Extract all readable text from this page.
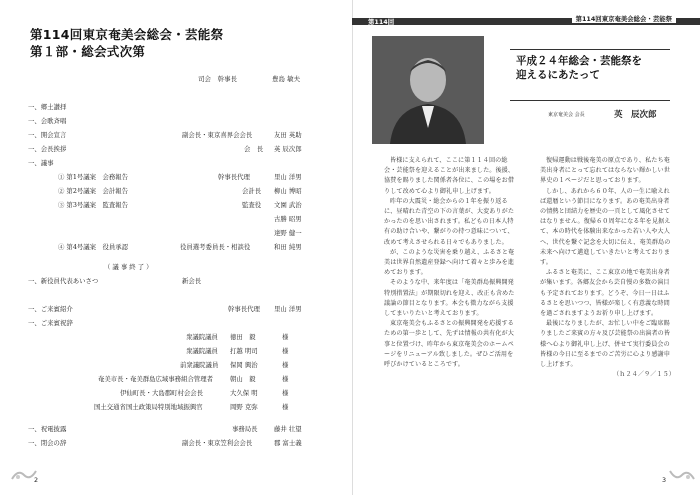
第114回東京奄美会総会・芸能祭
第１部・総会式次第
司会　幹事長	豊島 敏夫
一、郷土讃拝
一、会歌斉唱
一、開会宣言	副会長・東京喜界会会長	友田 英助
一、会長挨拶	会　長 英 辰次郎
一、議事
① 第1号議案　会務報告	幹事長代理	里山 洋男
② 第2号議案　会計報告	会計長 柳山 博昭
③ 第3号議案　監査報告	監査役 文園 武治
古勝 昭男
達野 健一
④ 第4号議案　役員承認	役員選考委員長・相談役	和田 純男
（ 議 事 終 了 ）
一、新役員代表あいさつ	新会長
一、ご来賓紹介	幹事長代理 里山 洋男
一、ご来賓祝辞
衆議院議員 徳田　毅	様
衆議院議員 打越 明司	様
前衆議院議員 保岡 興治	様
奄美市長・奄美群島広域事務組合管理者	朝山　毅	様
伊仙町長・大島郡町村会会長	大久保 明	様
国土交通省国土政策局特別地域振興官	岡野 克弥	様
一、祝電披露	事務局長	藤井 壮望
一、閉会の辞	副会長・東京笠利会会長	郡 富士義
2
第114回	第114回東京奄美会総会・芸能祭
平成２４年総会・芸能祭を
迎えるにあたって
東京奄美会 会長	英　辰次郎

皆様に支えられて、ここに第１１４回の総会・芸能祭を迎えることが出来ました。後援、協賛を賜りました関係者各位に、この場をお借りして改めて心より御礼申し上げます。

昨年の大震災・総会からの１年を振り返るに、昼晴れた青空の下の言葉が、大変ありがたかったのを思い出されます。私どもの日本人特有の助け合いや、繋がりの持つ意味について、改めて考えさせられる日々でもありました。

が、このような災害を乗り越え、ふるさと奄美は世界自然遺産登録へ向けて着々と歩みを進めております。

そのような中、来年度は「奄美群島振興開発特別措置法」が期限切れを迎え、改正も含めた議論の節目となります。本会も微力ながら支援してまいりたいと考えております。

東京奄美会もふるさとの振興開発を応援するための第一歩として、先ずは情報の共有化が大事と位置づけ、昨年から東京奄美会のホームページをリニューアル致しました。ぜひご活用を呼びかけているところです。

復帰運動は戦後奄美の原点であり、私たち奄美出身者にとって忘れてはならない輝かしい世界史の１ページだと思っております。

しかし、あれから６０年、人の一生に喩えれば還暦という節目になります。あの奄美出身者の情熱と団結力を歴史の一頁として風化させてはなりません。復帰６０周年になる年を見据えて、本の時代を体験出来なかった若い人や大人へ、世代を繋ぐ記念を大切に伝え、奄美群島の未来へ向けて邁進していきたいと考えております。

ふるさと奄美に、ここ東京の地で奄美出身者が集います。各郷友会から芸自慢の多数の演目も予定されております。どうぞ、今日一日はふるさとを思いつつ、皆様が楽しく有意義な時間を過ごされますようお祈り申し上げます。

最後になりましたが、お忙しい中をご臨席賜りましたご来賓の方々及び芸能祭の出演者の皆様へ心より御礼申し上げ、併せて実行委員会の皆様の今日に至るまでのご苦労に心より感謝申し上げます。

（ｈ２４／９／１５）
3
